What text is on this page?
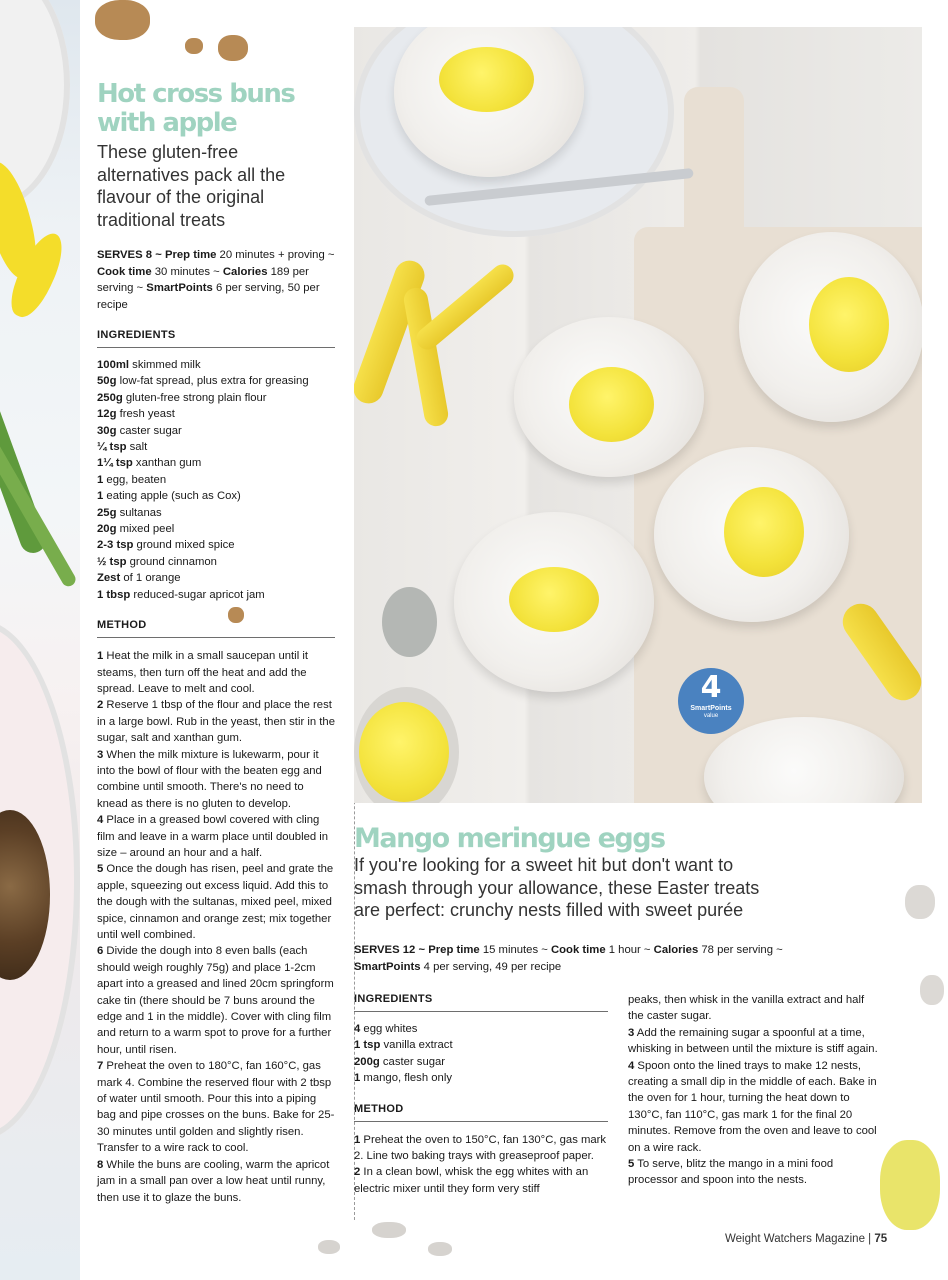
Hot cross buns
with apple

These gluten-free alternatives pack all the flavour of the original traditional treats

SERVES 8 ~ Prep time 20 minutes + proving ~ Cook time 30 minutes ~ Calories 189 per serving ~ SmartPoints 6 per serving, 50 per recipe

INGREDIENTS

100ml skimmed milk
50g low-fat spread, plus extra for greasing
250g gluten-free strong plain flour
12g fresh yeast
30g caster sugar
¼ tsp salt
1¼ tsp xanthan gum
1 egg, beaten
1 eating apple (such as Cox)
25g sultanas
20g mixed peel
2-3 tsp ground mixed spice
½ tsp ground cinnamon
Zest of 1 orange
1 tbsp reduced-sugar apricot jam

METHOD

1 Heat the milk in a small saucepan until it steams, then turn off the heat and add the spread. Leave to melt and cool.

2 Reserve 1 tbsp of the flour and place the rest in a large bowl. Rub in the yeast, then stir in the sugar, salt and xanthan gum.

3 When the milk mixture is lukewarm, pour it into the bowl of flour with the beaten egg and combine until smooth. There's no need to knead as there is no gluten to develop.

4 Place in a greased bowl covered with cling film and leave in a warm place until doubled in size – around an hour and a half.

5 Once the dough has risen, peel and grate the apple, squeezing out excess liquid. Add this to the dough with the sultanas, mixed peel, mixed spice, cinnamon and orange zest; mix together until well combined.

6 Divide the dough into 8 even balls (each should weigh roughly 75g) and place 1-2cm apart into a greased and lined 20cm springform cake tin (there should be 7 buns around the edge and 1 in the middle). Cover with cling film and return to a warm spot to prove for a further hour, until risen.

7 Preheat the oven to 180°C, fan 160°C, gas mark 4. Combine the reserved flour with 2 tbsp of water until smooth. Pour this into a piping bag and pipe crosses on the buns. Bake for 25-30 minutes until golden and slightly risen. Transfer to a wire rack to cool.

8 While the buns are cooling, warm the apricot jam in a small pan over a low heat until runny, then use it to glaze the buns.

4
SmartPoints
value
Mango meringue eggs

If you're looking for a sweet hit but don't want to smash through your allowance, these Easter treats are perfect: crunchy nests filled with sweet purée

SERVES 12 ~ Prep time 15 minutes ~ Cook time 1 hour ~ Calories 78 per serving ~
SmartPoints 4 per serving, 49 per recipe

INGREDIENTS

4 egg whites
1 tsp vanilla extract
200g caster sugar
1 mango, flesh only

METHOD

1 Preheat the oven to 150°C, fan 130°C, gas mark 2. Line two baking trays with greaseproof paper.

2 In a clean bowl, whisk the egg whites with an electric mixer until they form very stiff

peaks, then whisk in the vanilla extract and half the caster sugar.

3 Add the remaining sugar a spoonful at a time, whisking in between until the mixture is stiff again.

4 Spoon onto the lined trays to make 12 nests, creating a small dip in the middle of each. Bake in the oven for 1 hour, turning the heat down to 130°C, fan 110°C, gas mark 1 for the final 20 minutes. Remove from the oven and leave to cool on a wire rack.

5 To serve, blitz the mango in a mini food processor and spoon into the nests.

Weight Watchers Magazine | 75
